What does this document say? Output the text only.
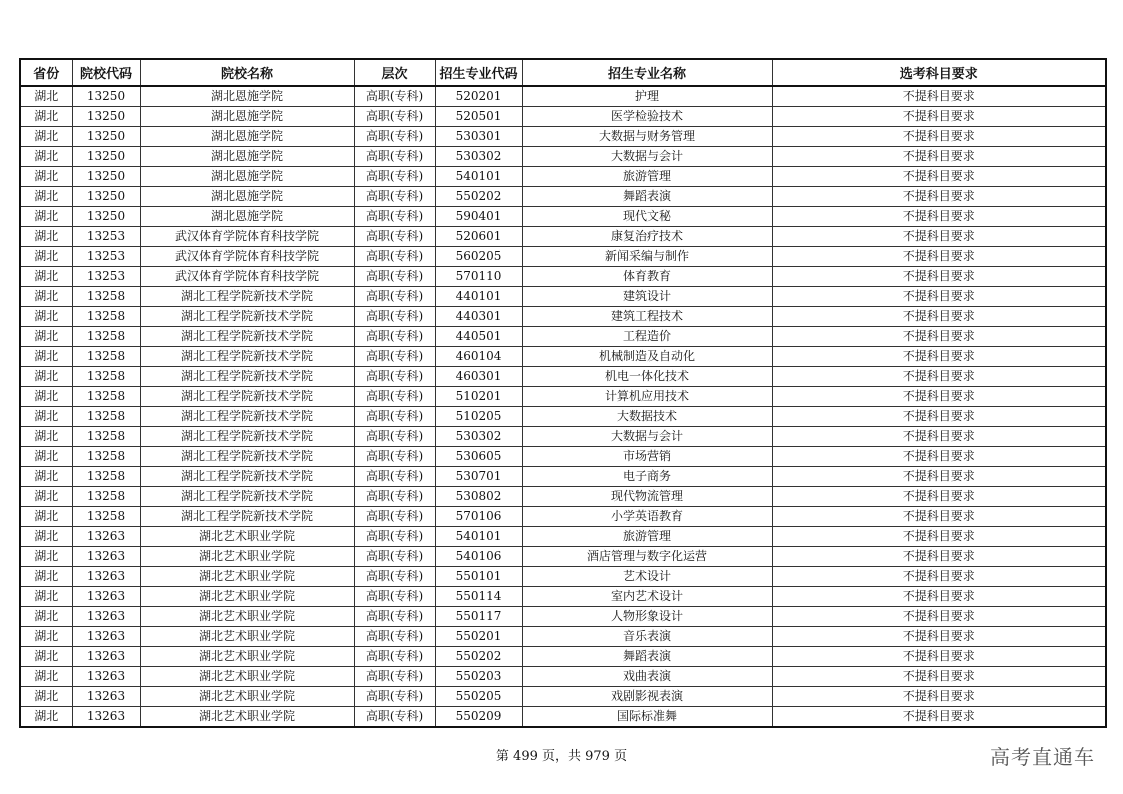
省份	院校代码	院校名称	层次	招生专业代码	招生专业名称	选考科目要求
湖北	13250	湖北恩施学院	高职(专科)	520201	护理	不提科目要求
湖北	13250	湖北恩施学院	高职(专科)	520501	医学检验技术	不提科目要求
湖北	13250	湖北恩施学院	高职(专科)	530301	大数据与财务管理	不提科目要求
湖北	13250	湖北恩施学院	高职(专科)	530302	大数据与会计	不提科目要求
湖北	13250	湖北恩施学院	高职(专科)	540101	旅游管理	不提科目要求
湖北	13250	湖北恩施学院	高职(专科)	550202	舞蹈表演	不提科目要求
湖北	13250	湖北恩施学院	高职(专科)	590401	现代文秘	不提科目要求
湖北	13253	武汉体育学院体育科技学院	高职(专科)	520601	康复治疗技术	不提科目要求
湖北	13253	武汉体育学院体育科技学院	高职(专科)	560205	新闻采编与制作	不提科目要求
湖北	13253	武汉体育学院体育科技学院	高职(专科)	570110	体育教育	不提科目要求
湖北	13258	湖北工程学院新技术学院	高职(专科)	440101	建筑设计	不提科目要求
湖北	13258	湖北工程学院新技术学院	高职(专科)	440301	建筑工程技术	不提科目要求
湖北	13258	湖北工程学院新技术学院	高职(专科)	440501	工程造价	不提科目要求
湖北	13258	湖北工程学院新技术学院	高职(专科)	460104	机械制造及自动化	不提科目要求
湖北	13258	湖北工程学院新技术学院	高职(专科)	460301	机电一体化技术	不提科目要求
湖北	13258	湖北工程学院新技术学院	高职(专科)	510201	计算机应用技术	不提科目要求
湖北	13258	湖北工程学院新技术学院	高职(专科)	510205	大数据技术	不提科目要求
湖北	13258	湖北工程学院新技术学院	高职(专科)	530302	大数据与会计	不提科目要求
湖北	13258	湖北工程学院新技术学院	高职(专科)	530605	市场营销	不提科目要求
湖北	13258	湖北工程学院新技术学院	高职(专科)	530701	电子商务	不提科目要求
湖北	13258	湖北工程学院新技术学院	高职(专科)	530802	现代物流管理	不提科目要求
湖北	13258	湖北工程学院新技术学院	高职(专科)	570106	小学英语教育	不提科目要求
湖北	13263	湖北艺术职业学院	高职(专科)	540101	旅游管理	不提科目要求
湖北	13263	湖北艺术职业学院	高职(专科)	540106	酒店管理与数字化运营	不提科目要求
湖北	13263	湖北艺术职业学院	高职(专科)	550101	艺术设计	不提科目要求
湖北	13263	湖北艺术职业学院	高职(专科)	550114	室内艺术设计	不提科目要求
湖北	13263	湖北艺术职业学院	高职(专科)	550117	人物形象设计	不提科目要求
湖北	13263	湖北艺术职业学院	高职(专科)	550201	音乐表演	不提科目要求
湖北	13263	湖北艺术职业学院	高职(专科)	550202	舞蹈表演	不提科目要求
湖北	13263	湖北艺术职业学院	高职(专科)	550203	戏曲表演	不提科目要求
湖北	13263	湖北艺术职业学院	高职(专科)	550205	戏剧影视表演	不提科目要求
湖北	13263	湖北艺术职业学院	高职(专科)	550209	国际标准舞	不提科目要求
第 499 页，共 979 页	高考直通车
